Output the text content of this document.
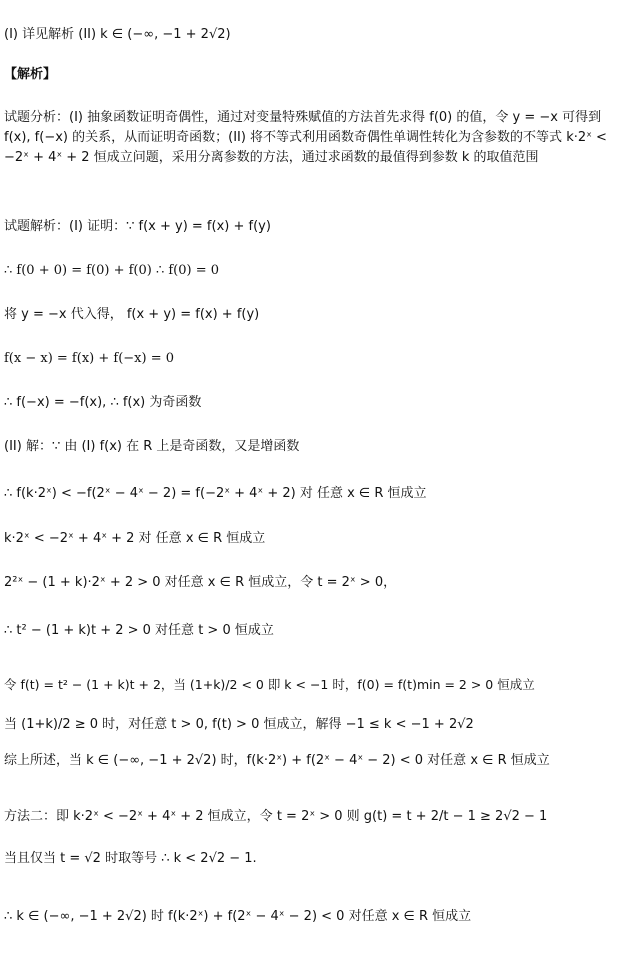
(I) 详见解析 (II) k ∈ (−∞, −1 + 2√2)
【解析】
试题分析：(I) 抽象函数证明奇偶性，通过对变量特殊赋值的方法首先求得 f(0) 的值，令 y = −x 可得到 f(x), f(−x) 的关系，从而证明奇函数；(II) 将不等式利用函数奇偶性单调性转化为含参数的不等式 k·2ˣ < −2ˣ + 4ˣ + 2 恒成立问题，采用分离参数的方法，通过求函数的最值得到参数 k 的取值范围
试题解析：(I) 证明：∵ f(x + y) = f(x) + f(y)
∴ f(0 + 0) = f(0) + f(0) ∴ f(0) = 0
将 y = −x 代入得， f(x + y) = f(x) + f(y)
f(x − x) = f(x) + f(−x) = 0
∴ f(−x) = −f(x), ∴ f(x) 为奇函数
(II) 解：∵ 由 (I) f(x) 在 R 上是奇函数，又是增函数
∴ f(k·2ˣ) < −f(2ˣ − 4ˣ − 2) = f(−2ˣ + 4ˣ + 2) 对 任意 x ∈ R 恒成立
k·2ˣ < −2ˣ + 4ˣ + 2 对 任意 x ∈ R 恒成立
2²ˣ − (1 + k)·2ˣ + 2 > 0 对任意 x ∈ R 恒成立，令 t = 2ˣ > 0，
∴ t² − (1 + k)t + 2 > 0 对任意 t > 0 恒成立
令 f(t) = t² − (1 + k)t + 2，当 (1+k)/2 < 0 即 k < −1 时，f(0) = f(t)min = 2 > 0 恒成立
当 (1+k)/2 ≥ 0 时，对任意 t > 0, f(t) > 0 恒成立，解得 −1 ≤ k < −1 + 2√2
综上所述，当 k ∈ (−∞, −1 + 2√2) 时，f(k·2ˣ) + f(2ˣ − 4ˣ − 2) < 0 对任意 x ∈ R 恒成立
方法二：即 k·2ˣ < −2ˣ + 4ˣ + 2 恒成立，令 t = 2ˣ > 0 则 g(t) = t + 2/t − 1 ≥ 2√2 − 1
当且仅当 t = √2 时取等号 ∴ k < 2√2 − 1.
∴ k ∈ (−∞, −1 + 2√2) 时 f(k·2ˣ) + f(2ˣ − 4ˣ − 2) < 0 对任意 x ∈ R 恒成立
